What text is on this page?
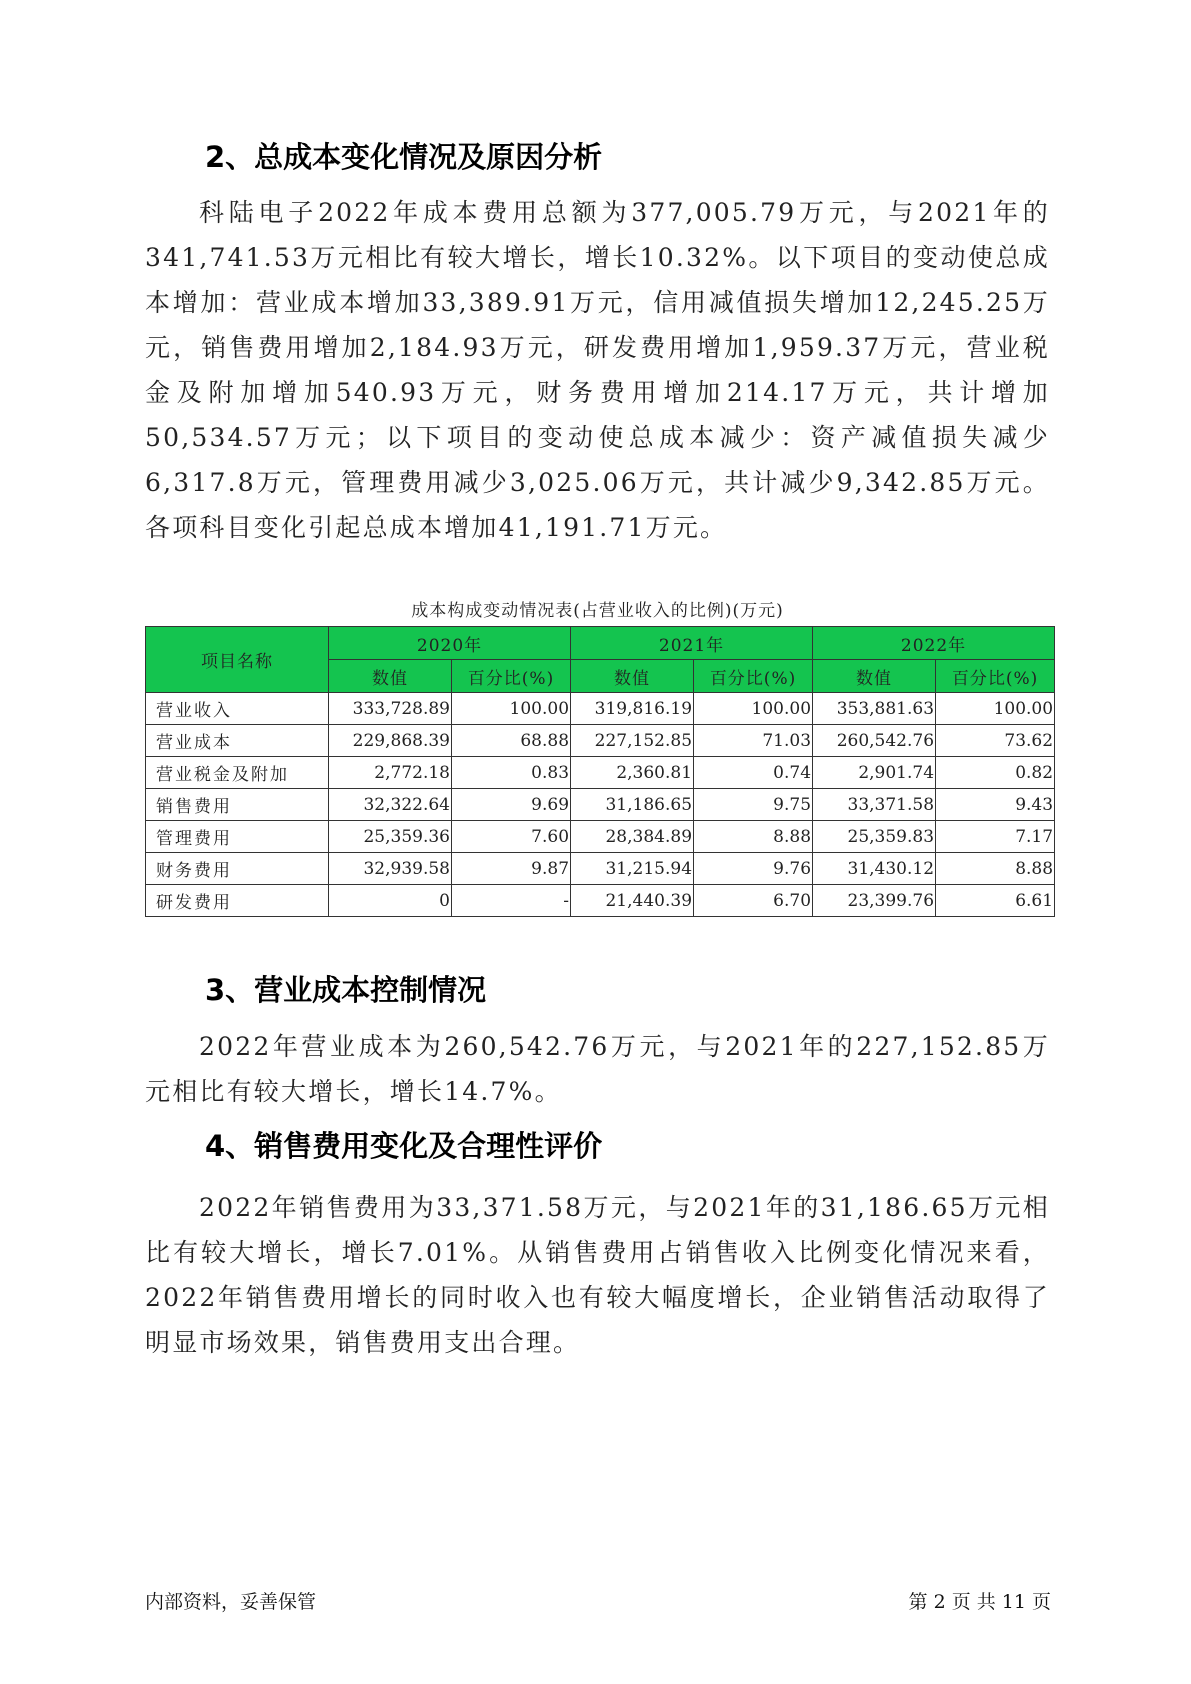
2、总成本变化情况及原因分析

科陆电子2022年成本费用总额为377,005.79万元，与2021年的341,741.53万元相比有较大增长，增长10.32%。以下项目的变动使总成本增加：营业成本增加33,389.91万元，信用减值损失增加12,245.25万元，销售费用增加2,184.93万元，研发费用增加1,959.37万元，营业税金及附加增加540.93万元，财务费用增加214.17万元，共计增加50,534.57万元；以下项目的变动使总成本减少：资产减值损失减少6,317.8万元，管理费用减少3,025.06万元，共计减少9,342.85万元。各项科目变化引起总成本增加41,191.71万元。

成本构成变动情况表(占营业收入的比例)(万元)
项目名称	2020年		2021年		2022年	
	数值	百分比(%)	数值	百分比(%)	数值	百分比(%)
营业收入	333,728.89	100.00	319,816.19	100.00	353,881.63	100.00
营业成本	229,868.39	68.88	227,152.85	71.03	260,542.76	73.62
营业税金及附加	2,772.18	0.83	2,360.81	0.74	2,901.74	0.82
销售费用	32,322.64	9.69	31,186.65	9.75	33,371.58	9.43
管理费用	25,359.36	7.60	28,384.89	8.88	25,359.83	7.17
财务费用	32,939.58	9.87	31,215.94	9.76	31,430.12	8.88
研发费用	0	-	21,440.39	6.70	23,399.76	6.61
3、营业成本控制情况

2022年营业成本为260,542.76万元，与2021年的227,152.85万元相比有较大增长，增长14.7%。

4、销售费用变化及合理性评价

2022年销售费用为33,371.58万元，与2021年的31,186.65万元相比有较大增长，增长7.01%。从销售费用占销售收入比例变化情况来看，2022年销售费用增长的同时收入也有较大幅度增长，企业销售活动取得了明显市场效果，销售费用支出合理。

内部资料，妥善保管	第 2 页 共 11 页
